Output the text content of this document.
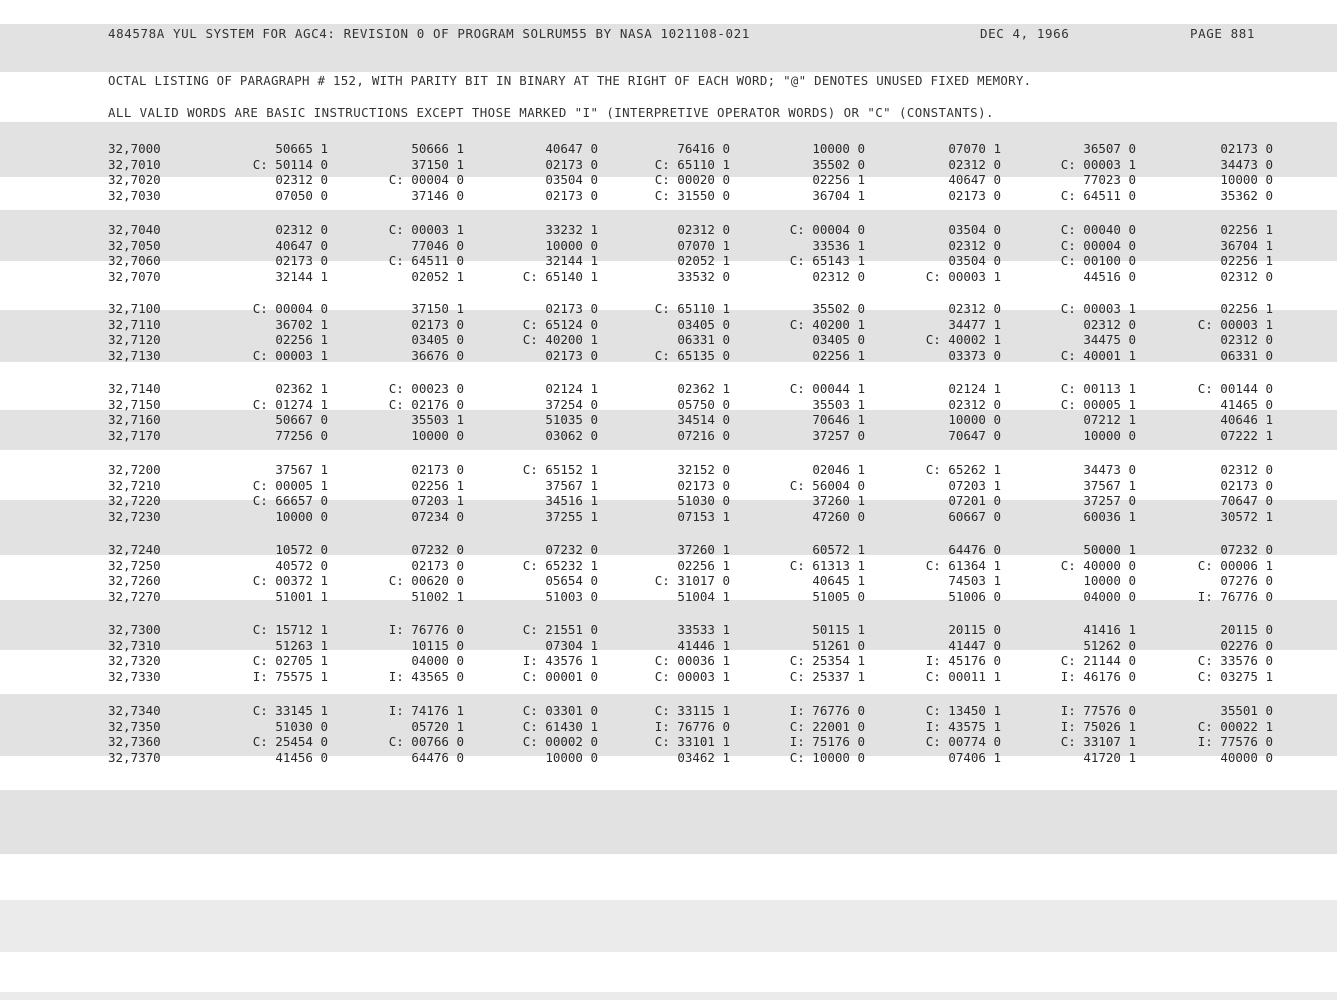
484578A YUL SYSTEM FOR AGC4: REVISION 0 OF PROGRAM SOLRUM55 BY NASA 1021108-021	DEC 4, 1966	PAGE 881
OCTAL LISTING OF PARAGRAPH # 152, WITH PARITY BIT IN BINARY AT THE RIGHT OF EACH WORD; "@" DENOTES UNUSED FIXED MEMORY.
ALL VALID WORDS ARE BASIC INSTRUCTIONS EXCEPT THOSE MARKED "I" (INTERPRETIVE OPERATOR WORDS) OR "C" (CONSTANTS).
32,7000	50665 1	50666 1	40647 0	76416 0	10000 0	07070 1	36507 0	02173 0
32,7010	C: 50114 0	37150 1	02173 0	C: 65110 1	35502 0	02312 0	C: 00003 1	34473 0
32,7020	02312 0	C: 00004 0	03504 0	C: 00020 0	02256 1	40647 0	77023 0	10000 0
32,7030	07050 0	37146 0	02173 0	C: 31550 0	36704 1	02173 0	C: 64511 0	35362 0
32,7040	02312 0	C: 00003 1	33232 1	02312 0	C: 00004 0	03504 0	C: 00040 0	02256 1
32,7050	40647 0	77046 0	10000 0	07070 1	33536 1	02312 0	C: 00004 0	36704 1
32,7060	02173 0	C: 64511 0	32144 1	02052 1	C: 65143 1	03504 0	C: 00100 0	02256 1
32,7070	32144 1	02052 1	C: 65140 1	33532 0	02312 0	C: 00003 1	44516 0	02312 0
32,7100	C: 00004 0	37150 1	02173 0	C: 65110 1	35502 0	02312 0	C: 00003 1	02256 1
32,7110	36702 1	02173 0	C: 65124 0	03405 0	C: 40200 1	34477 1	02312 0	C: 00003 1
32,7120	02256 1	03405 0	C: 40200 1	06331 0	03405 0	C: 40002 1	34475 0	02312 0
32,7130	C: 00003 1	36676 0	02173 0	C: 65135 0	02256 1	03373 0	C: 40001 1	06331 0
32,7140	02362 1	C: 00023 0	02124 1	02362 1	C: 00044 1	02124 1	C: 00113 1	C: 00144 0
32,7150	C: 01274 1	C: 02176 0	37254 0	05750 0	35503 1	02312 0	C: 00005 1	41465 0
32,7160	50667 0	35503 1	51035 0	34514 0	70646 1	10000 0	07212 1	40646 1
32,7170	77256 0	10000 0	03062 0	07216 0	37257 0	70647 0	10000 0	07222 1
32,7200	37567 1	02173 0	C: 65152 1	32152 0	02046 1	C: 65262 1	34473 0	02312 0
32,7210	C: 00005 1	02256 1	37567 1	02173 0	C: 56004 0	07203 1	37567 1	02173 0
32,7220	C: 66657 0	07203 1	34516 1	51030 0	37260 1	07201 0	37257 0	70647 0
32,7230	10000 0	07234 0	37255 1	07153 1	47260 0	60667 0	60036 1	30572 1
32,7240	10572 0	07232 0	07232 0	37260 1	60572 1	64476 0	50000 1	07232 0
32,7250	40572 0	02173 0	C: 65232 1	02256 1	C: 61313 1	C: 61364 1	C: 40000 0	C: 00006 1
32,7260	C: 00372 1	C: 00620 0	05654 0	C: 31017 0	40645 1	74503 1	10000 0	07276 0
32,7270	51001 1	51002 1	51003 0	51004 1	51005 0	51006 0	04000 0	I: 76776 0
32,7300	C: 15712 1	I: 76776 0	C: 21551 0	33533 1	50115 1	20115 0	41416 1	20115 0
32,7310	51263 1	10115 0	07304 1	41446 1	51261 0	41447 0	51262 0	02276 0
32,7320	C: 02705 1	04000 0	I: 43576 1	C: 00036 1	C: 25354 1	I: 45176 0	C: 21144 0	C: 33576 0
32,7330	I: 75575 1	I: 43565 0	C: 00001 0	C: 00003 1	C: 25337 1	C: 00011 1	I: 46176 0	C: 03275 1
32,7340	C: 33145 1	I: 74176 1	C: 03301 0	C: 33115 1	I: 76776 0	C: 13450 1	I: 77576 0	35501 0
32,7350	51030 0	05720 1	C: 61430 1	I: 76776 0	C: 22001 0	I: 43575 1	I: 75026 1	C: 00022 1
32,7360	C: 25454 0	C: 00766 0	C: 00002 0	C: 33101 1	I: 75176 0	C: 00774 0	C: 33107 1	I: 77576 0
32,7370	41456 0	64476 0	10000 0	03462 1	C: 10000 0	07406 1	41720 1	40000 0
